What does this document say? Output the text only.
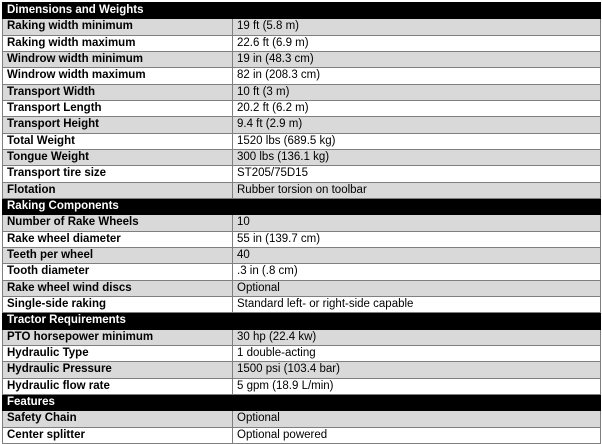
Dimensions and Weights	
Raking width minimum	19 ft (5.8 m)
Raking width maximum	22.6 ft (6.9 m)
Windrow width minimum	19 in (48.3 cm)
Windrow width maximum	82 in (208.3 cm)
Transport Width	10 ft (3 m)
Transport Length	20.2 ft (6.2 m)
Transport Height	9.4 ft (2.9 m)
Total Weight	1520 lbs (689.5 kg)
Tongue Weight	300 lbs (136.1 kg)
Transport tire size	ST205/75D15
Flotation	Rubber torsion on toolbar
Raking Components	
Number of Rake Wheels	10
Rake wheel diameter	55 in (139.7 cm)
Teeth per wheel	40
Tooth diameter	.3 in (.8 cm)
Rake wheel wind discs	Optional
Single-side raking	Standard left- or right-side capable
Tractor Requirements	
PTO horsepower minimum	30 hp (22.4 kw)
Hydraulic Type	1 double-acting
Hydraulic Pressure	1500 psi (103.4 bar)
Hydraulic flow rate	5 gpm (18.9 L/min)
Features	
Safety Chain	Optional
Center splitter	Optional powered
